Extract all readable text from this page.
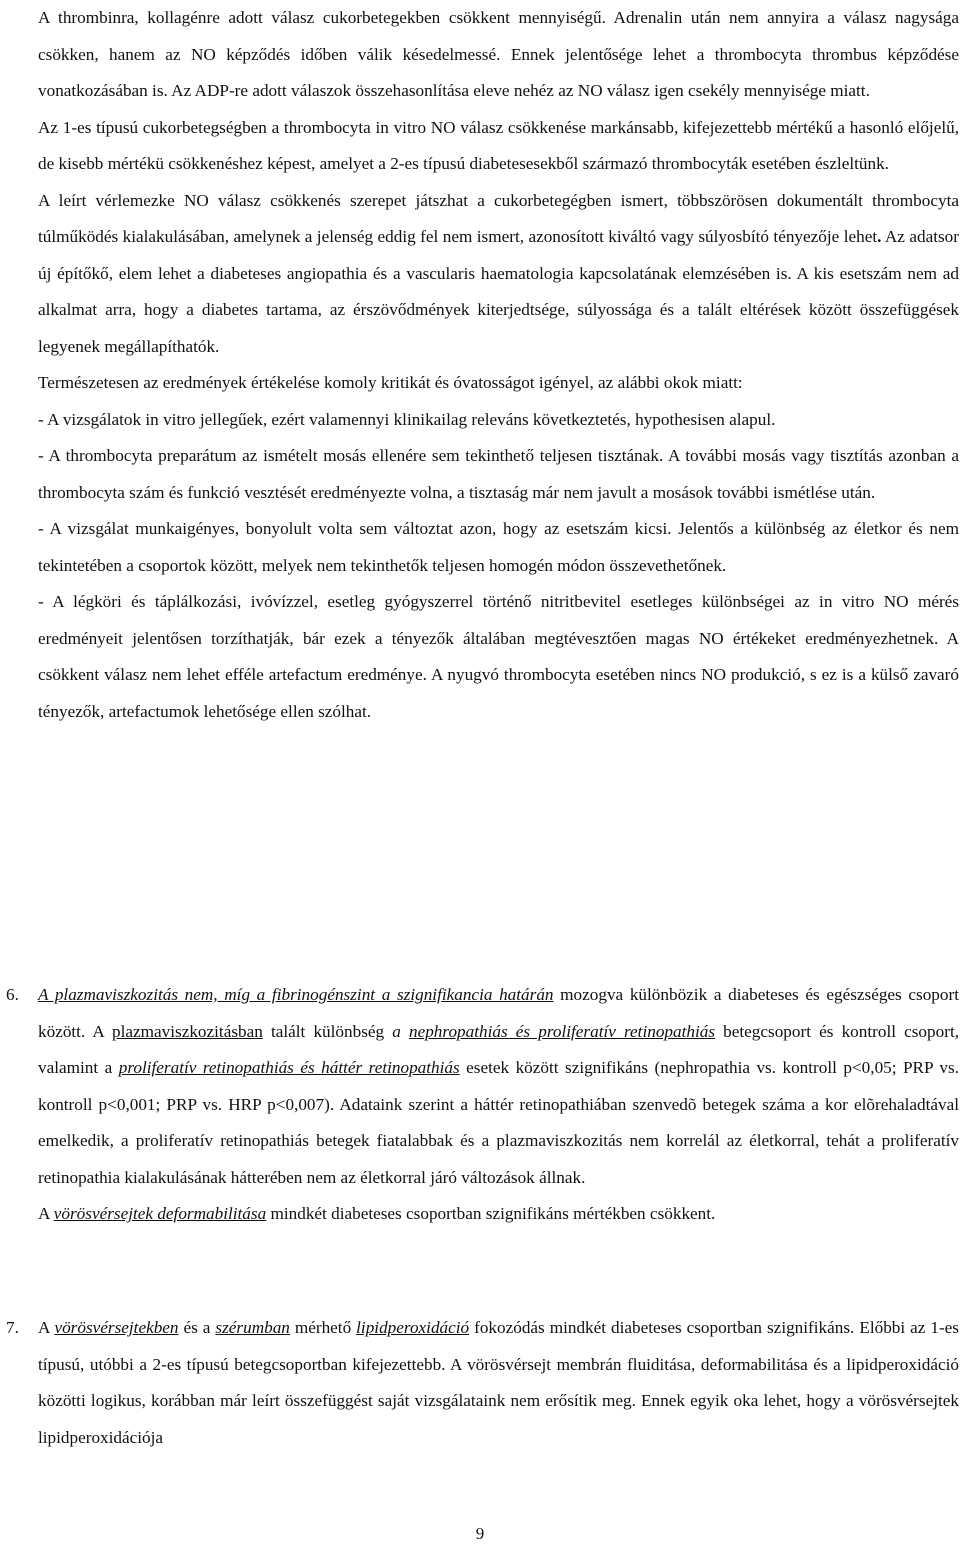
A thrombinra, kollagénre adott válasz cukorbetegekben csökkent mennyiségű. Adrenalin után nem annyira a válasz nagysága csökken, hanem az NO képződés időben válik késedelmessé. Ennek jelentősége lehet a thrombocyta thrombus képződése vonatkozásában is. Az ADP-re adott válaszok összehasonlítása eleve nehéz az NO válasz igen csekély mennyisége miatt.

Az 1-es típusú cukorbetegségben a thrombocyta in vitro NO válasz csökkenése markánsabb, kifejezettebb mértékű a hasonló előjelű, de kisebb mértékü csökkenéshez képest, amelyet a 2-es típusú diabetesesekből származó thrombocyták esetében észleltünk.

A leírt vérlemezke NO válasz csökkenés szerepet játszhat a cukorbetegégben ismert, többszörösen dokumentált thrombocyta túlműködés kialakulásában, amelynek a jelenség eddig fel nem ismert, azonosított kiváltó vagy súlyosbító tényezője lehet. Az adatsor új építőkő, elem lehet a diabeteses angiopathia és a vascularis haematologia kapcsolatának elemzésében is. A kis esetszám nem ad alkalmat arra, hogy a diabetes tartama, az érszövődmények kiterjedtsége, súlyossága és a talált eltérések között összefüggések legyenek megállapíthatók.

Természetesen az eredmények értékelése komoly kritikát és óvatosságot igényel, az alábbi okok miatt:

- A vizsgálatok in vitro jellegűek, ezért valamennyi klinikailag releváns következtetés, hypothesisen alapul.

- A thrombocyta preparátum az ismételt mosás ellenére sem tekinthető teljesen tisztának. A további mosás vagy tisztítás azonban a thrombocyta szám és funkció vesztését eredményezte volna, a tisztaság már nem javult a mosások további ismétlése után.

- A vizsgálat munkaigényes, bonyolult volta sem változtat azon, hogy az esetszám kicsi. Jelentős a különbség az életkor és nem tekintetében a csoportok között, melyek nem tekinthetők teljesen homogén módon összevethetőnek.

- A légköri és táplálkozási, ivóvízzel, esetleg gyógyszerrel történő nitritbevitel esetleges különbségei az in vitro NO mérés eredményeit jelentősen torzíthatják, bár ezek a tényezők általában megtévesztően magas NO értékeket eredményezhetnek. A csökkent válasz nem lehet efféle artefactum eredménye. A nyugvó thrombocyta esetében nincs NO produkció, s ez is a külső zavaró tényezők, artefactumok lehetősége ellen szólhat.

6. A plazmaviszkozitás nem, míg a fibrinogénszint a szignifikancia határán mozogva különbözik a diabeteses és egészséges csoport között. A plazmaviszkozitásban talált különbség a nephropathiás és proliferatív retinopathiás betegcsoport és kontroll csoport, valamint a proliferatív retinopathiás és háttér retinopathiás esetek között szignifikáns (nephropathia vs. kontroll p<0,05; PRP vs. kontroll p<0,001; PRP vs. HRP p<0,007). Adataink szerint a háttér retinopathiában szenvedõ betegek száma a kor elõrehaladtával emelkedik, a proliferatív retinopathiás betegek fiatalabbak és a plazmaviszkozitás nem korrelál az életkorral, tehát a proliferatív retinopathia kialakulásának hátterében nem az életkorral járó változások állnak.

A vörösvérsejtek deformabilitása mindkét diabeteses csoportban szignifikáns mértékben csökkent.

7. A vörösvérsejtekben és a szérumban mérhető lipidperoxidáció fokozódás mindkét diabeteses csoportban szignifikáns. Előbbi az 1-es típusú, utóbbi a 2-es típusú betegcsoportban kifejezettebb. A vörösvérsejt membrán fluiditása, deformabilitása és a lipidperoxidáció közötti logikus, korábban már leírt összefüggést saját vizsgálataink nem erősítik meg. Ennek egyik oka lehet, hogy a vörösvérsejtek lipidperoxidációja

9
